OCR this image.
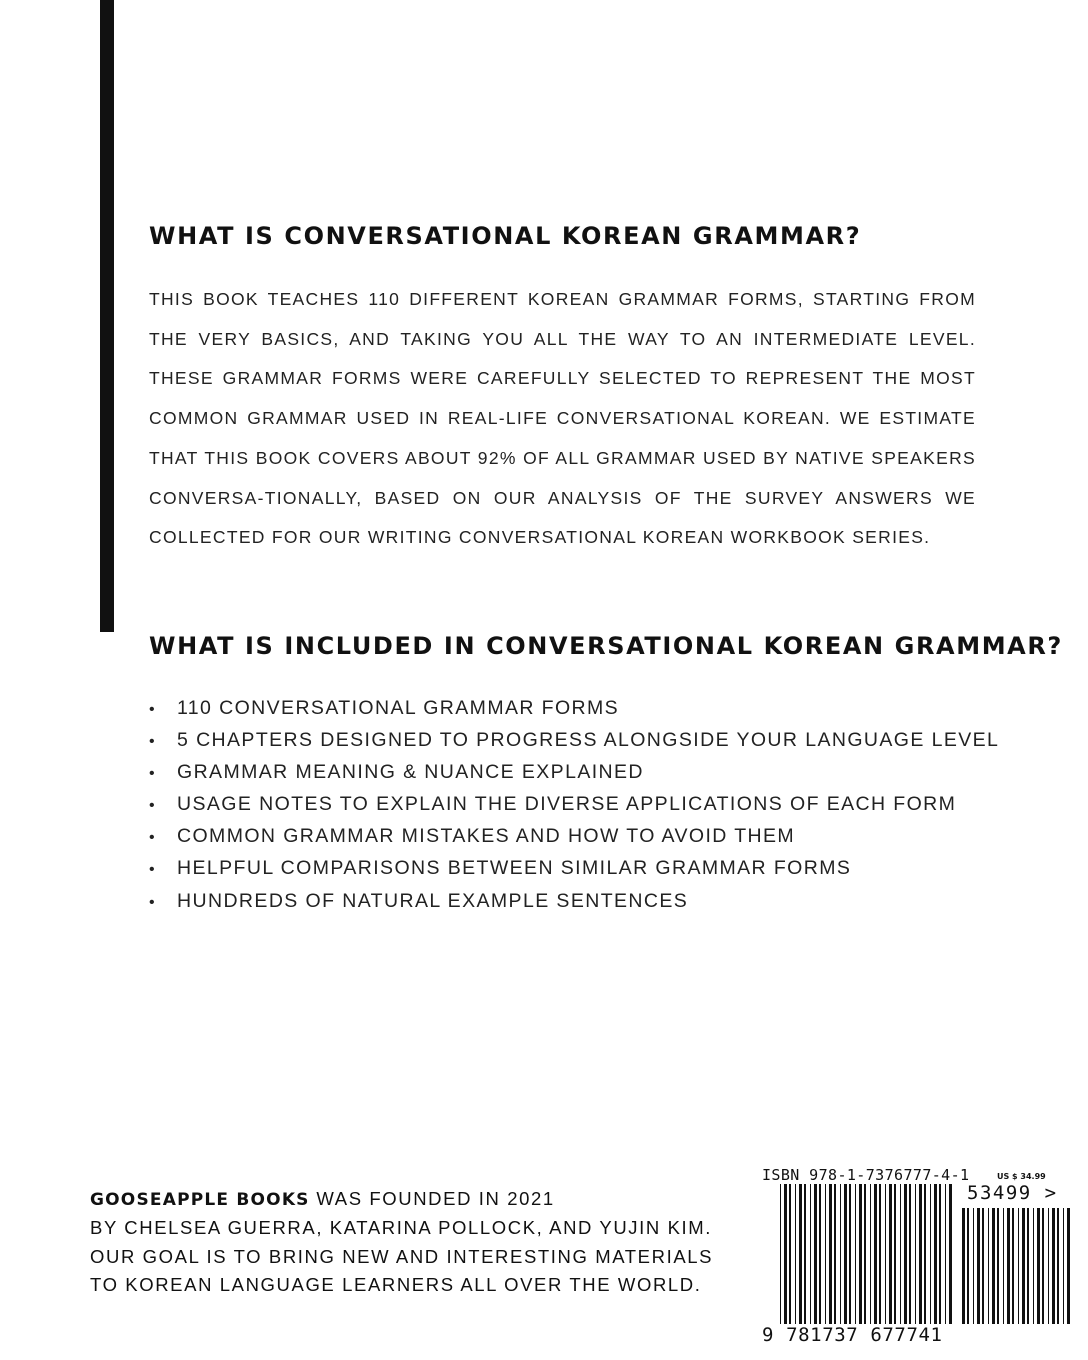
WHAT IS CONVERSATIONAL KOREAN GRAMMAR?

THIS BOOK TEACHES 110 DIFFERENT KOREAN GRAMMAR FORMS, STARTING FROM THE VERY BASICS, AND TAKING YOU ALL THE WAY TO AN INTERMEDIATE LEVEL. THESE GRAMMAR FORMS WERE CAREFULLY SELECTED TO REPRESENT THE MOST COMMON GRAMMAR USED IN REAL-LIFE CONVERSATIONAL KOREAN. WE ESTIMATE THAT THIS BOOK COVERS ABOUT 92% OF ALL GRAMMAR USED BY NATIVE SPEAKERS CONVERSA-TIONALLY, BASED ON OUR ANALYSIS OF THE SURVEY ANSWERS WE COLLECTED FOR OUR WRITING CONVERSATIONAL KOREAN WORKBOOK SERIES.

WHAT IS INCLUDED IN CONVERSATIONAL KOREAN GRAMMAR?
• 110 CONVERSATIONAL GRAMMAR FORMS
• 5 CHAPTERS DESIGNED TO PROGRESS ALONGSIDE YOUR LANGUAGE LEVEL
• GRAMMAR MEANING & NUANCE EXPLAINED
• USAGE NOTES TO EXPLAIN THE DIVERSE APPLICATIONS OF EACH FORM
• COMMON GRAMMAR MISTAKES AND HOW TO AVOID THEM
• HELPFUL COMPARISONS BETWEEN SIMILAR GRAMMAR FORMS
• HUNDREDS OF NATURAL EXAMPLE SENTENCES

GOOSEAPPLE BOOKS WAS FOUNDED IN 2021
BY CHELSEA GUERRA, KATARINA POLLOCK, AND YUJIN KIM.
OUR GOAL IS TO BRING NEW AND INTERESTING MATERIALS
TO KOREAN LANGUAGE LEARNERS ALL OVER THE WORLD.

ISBN 978-1-7376777-4-1	US $ 34.99
53499 >
9 781737 677741
